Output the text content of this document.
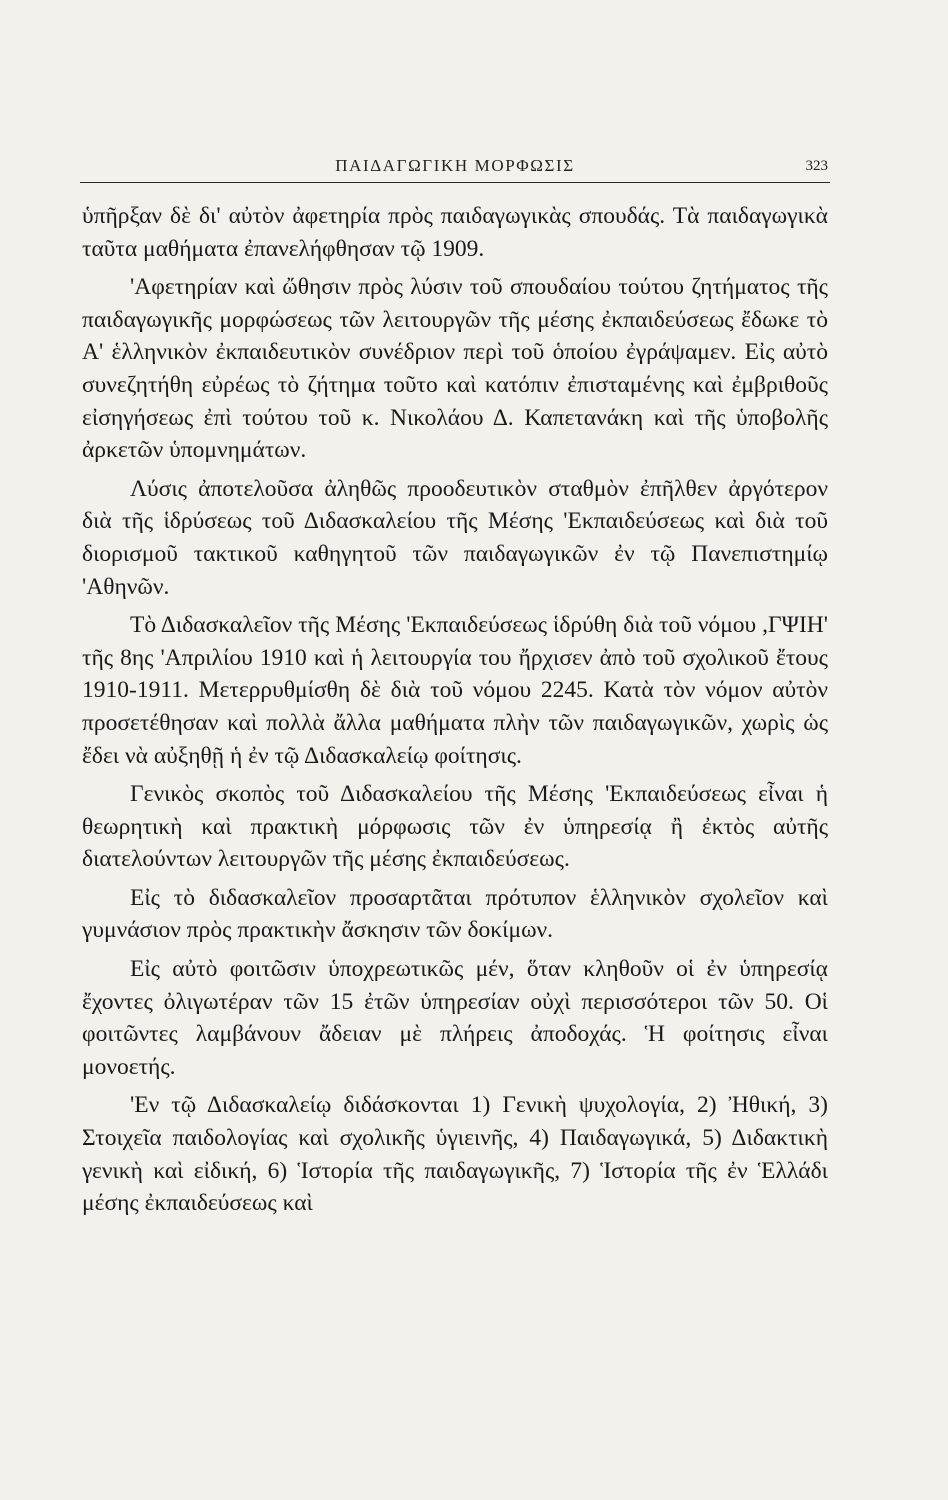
ΠΑΙΔΑΓΩΓΙΚΗ ΜΟΡΦΩΣΙΣ	323

ὑπῆρξαν δὲ δι' αὐτὸν ἀφετηρία πρὸς παιδαγωγικὰς σπουδάς. Τὰ παιδαγωγικὰ ταῦτα μαθήματα ἐπανελήφθησαν τῷ 1909.

'Αφετηρίαν καὶ ὤθησιν πρὸς λύσιν τοῦ σπουδαίου τούτου ζητήματος τῆς παιδαγωγικῆς μορφώσεως τῶν λειτουργῶν τῆς μέσης ἐκπαιδεύσεως ἔδωκε τὸ Α' ἑλληνικὸν ἐκπαιδευτικὸν συνέδριον περὶ τοῦ ὁποίου ἐγράψαμεν. Εἰς αὐτὸ συνεζητήθη εὐρέως τὸ ζήτημα τοῦτο καὶ κατόπιν ἐπισταμένης καὶ ἐμβριθοῦς εἰσηγήσεως ἐπὶ τούτου τοῦ κ. Νικολάου Δ. Καπετανάκη καὶ τῆς ὑποβολῆς ἀρκετῶν ὑπομνημάτων.

Λύσις ἀποτελοῦσα ἀληθῶς προοδευτικὸν σταθμὸν ἐπῆλθεν ἀργότερον διὰ τῆς ἱδρύσεως τοῦ Διδασκαλείου τῆς Μέσης 'Εκπαιδεύσεως καὶ διὰ τοῦ διορισμοῦ τακτικοῦ καθηγητοῦ τῶν παιδαγωγικῶν ἐν τῷ Πανεπιστημίῳ 'Αθηνῶν.

Τὸ Διδασκαλεῖον τῆς Μέσης 'Εκπαιδεύσεως ἱδρύθη διὰ τοῦ νόμου ,ΓΨΙΗ' τῆς 8ης 'Απριλίου 1910 καὶ ἡ λειτουργία του ἤρχισεν ἀπὸ τοῦ σχολικοῦ ἔτους 1910-1911. Μετερρυθμίσθη δὲ διὰ τοῦ νόμου 2245. Κατὰ τὸν νόμον αὐτὸν προσετέθησαν καὶ πολλὰ ἄλλα μαθήματα πλὴν τῶν παιδαγωγικῶν, χωρὶς ὡς ἔδει νὰ αὐξηθῇ ἡ ἐν τῷ Διδασκαλείῳ φοίτησις.

Γενικὸς σκοπὸς τοῦ Διδασκαλείου τῆς Μέσης 'Εκπαιδεύσεως εἶναι ἡ θεωρητικὴ καὶ πρακτικὴ μόρφωσις τῶν ἐν ὑπηρεσίᾳ ἢ ἐκτὸς αὐτῆς διατελούντων λειτουργῶν τῆς μέσης ἐκπαιδεύσεως.

Εἰς τὸ διδασκαλεῖον προσαρτᾶται πρότυπον ἑλληνικὸν σχολεῖον καὶ γυμνάσιον πρὸς πρακτικὴν ἄσκησιν τῶν δοκίμων.

Εἰς αὐτὸ φοιτῶσιν ὑποχρεωτικῶς μέν, ὅταν κληθοῦν οἱ ἐν ὑπηρεσίᾳ ἔχοντες ὀλιγωτέραν τῶν 15 ἐτῶν ὑπηρεσίαν οὐχὶ περισσότεροι τῶν 50. Οἱ φοιτῶντες λαμβάνουν ἄδειαν μὲ πλήρεις ἀποδοχάς. Ἡ φοίτησις εἶναι μονοετής.

'Εν τῷ Διδασκαλείῳ διδάσκονται 1) Γενικὴ ψυχολογία, 2) Ἠθική, 3) Στοιχεῖα παιδολογίας καὶ σχολικῆς ὑγιεινῆς, 4) Παιδαγωγικά, 5) Διδακτικὴ γενικὴ καὶ εἰδική, 6) Ἱστορία τῆς παιδαγωγικῆς, 7) Ἱστορία τῆς ἐν Ἑλλάδι μέσης ἐκπαιδεύσεως καὶ
